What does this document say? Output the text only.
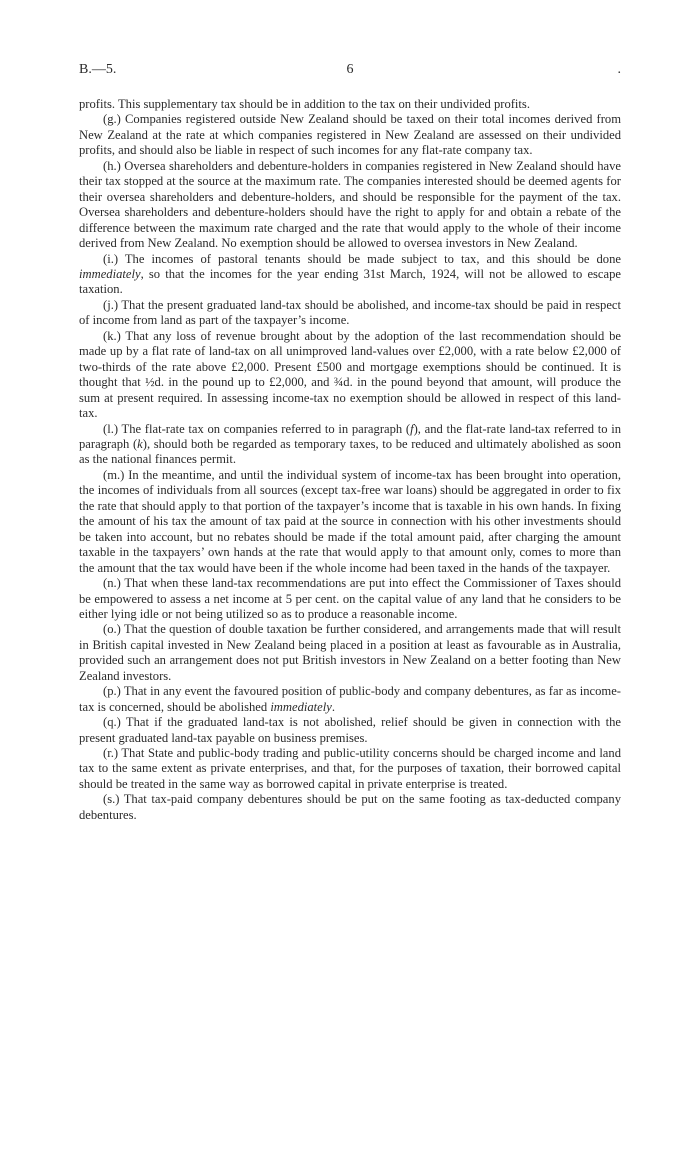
B.—5.	6	.

profits. This supplementary tax should be in addition to the tax on their undivided profits.

(g.) Companies registered outside New Zealand should be taxed on their total incomes derived from New Zealand at the rate at which companies registered in New Zealand are assessed on their undivided profits, and should also be liable in respect of such incomes for any flat-rate company tax.

(h.) Oversea shareholders and debenture-holders in companies registered in New Zealand should have their tax stopped at the source at the maximum rate. The companies interested should be deemed agents for their oversea shareholders and debenture-holders, and should be responsible for the payment of the tax. Oversea shareholders and debenture-holders should have the right to apply for and obtain a rebate of the difference between the maximum rate charged and the rate that would apply to the whole of their income derived from New Zealand. No exemption should be allowed to oversea investors in New Zealand.

(i.) The incomes of pastoral tenants should be made subject to tax, and this should be done immediately, so that the incomes for the year ending 31st March, 1924, will not be allowed to escape taxation.

(j.) That the present graduated land-tax should be abolished, and income-tax should be paid in respect of income from land as part of the taxpayer’s income.

(k.) That any loss of revenue brought about by the adoption of the last recommendation should be made up by a flat rate of land-tax on all unimproved land-values over £2,000, with a rate below £2,000 of two-thirds of the rate above £2,000. Present £500 and mortgage exemptions should be continued. It is thought that ½d. in the pound up to £2,000, and ¾d. in the pound beyond that amount, will produce the sum at present required. In assessing income-tax no exemption should be allowed in respect of this land-tax.

(l.) The flat-rate tax on companies referred to in paragraph (f), and the flat-rate land-tax referred to in paragraph (k), should both be regarded as temporary taxes, to be reduced and ultimately abolished as soon as the national finances permit.

(m.) In the meantime, and until the individual system of income-tax has been brought into operation, the incomes of individuals from all sources (except tax-free war loans) should be aggregated in order to fix the rate that should apply to that portion of the taxpayer’s income that is taxable in his own hands. In fixing the amount of his tax the amount of tax paid at the source in connection with his other investments should be taken into account, but no rebates should be made if the total amount paid, after charging the amount taxable in the taxpayers’ own hands at the rate that would apply to that amount only, comes to more than the amount that the tax would have been if the whole income had been taxed in the hands of the taxpayer.

(n.) That when these land-tax recommendations are put into effect the Commissioner of Taxes should be empowered to assess a net income at 5 per cent. on the capital value of any land that he considers to be either lying idle or not being utilized so as to produce a reasonable income.

(o.) That the question of double taxation be further considered, and arrangements made that will result in British capital invested in New Zealand being placed in a position at least as favourable as in Australia, provided such an arrangement does not put British investors in New Zealand on a better footing than New Zealand investors.

(p.) That in any event the favoured position of public-body and company debentures, as far as income-tax is concerned, should be abolished immediately.

(q.) That if the graduated land-tax is not abolished, relief should be given in connection with the present graduated land-tax payable on business premises.

(r.) That State and public-body trading and public-utility concerns should be charged income and land tax to the same extent as private enterprises, and that, for the purposes of taxation, their borrowed capital should be treated in the same way as borrowed capital in private enterprise is treated.

(s.) That tax-paid company debentures should be put on the same footing as tax-deducted company debentures.
